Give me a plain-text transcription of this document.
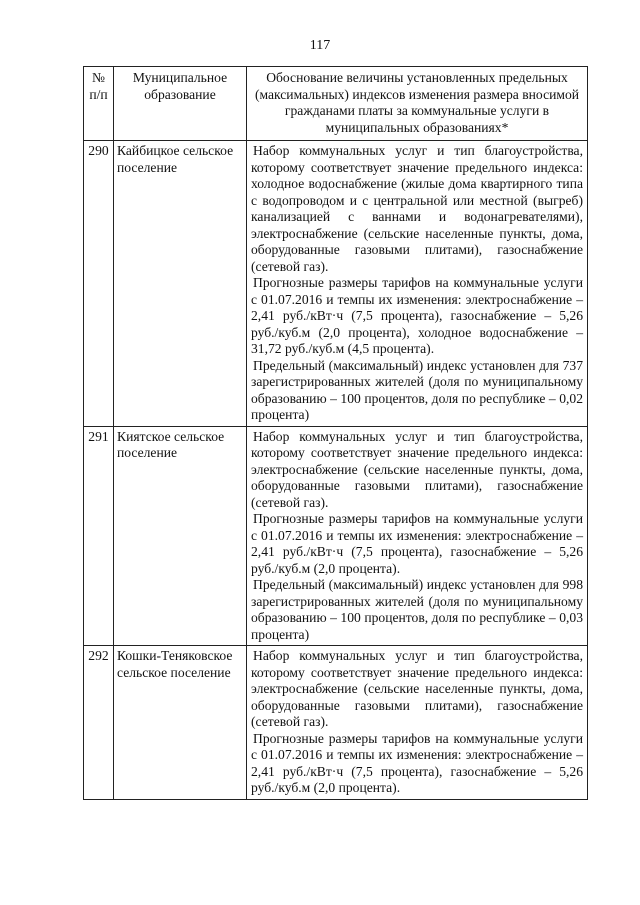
117
№ п/п	Муниципальное образование	Обоснование величины установленных предельных (максимальных) индексов изменения размера вносимой гражданами платы за коммунальные услуги в муниципальных образованиях*
290	Кайбицкое сельское поселение	Набор коммунальных услуг и тип благоустройства, которому соответствует значение предельного индекса: холодное водоснабжение (жилые дома квартирного типа с водопроводом и с центральной или местной (выгреб) канализацией с ваннами и водонагревателями), электроснабжение (сельские населенные пункты, дома, оборудованные газовыми плитами), газоснабжение (сетевой газ).

Прогнозные размеры тарифов на коммунальные услуги с 01.07.2016 и темпы их изменения: электроснабжение – 2,41 руб./кВт·ч (7,5 процента), газоснабжение – 5,26 руб./куб.м (2,0 процента), холодное водоснабжение – 31,72 руб./куб.м (4,5 процента).

Предельный (максимальный) индекс установлен для 737 зарегистрированных жителей (доля по муниципальному образованию – 100 процентов, доля по республике – 0,02 процента)

291	Киятское сельское поселение	Набор коммунальных услуг и тип благоустройства, которому соответствует значение предельного индекса: электроснабжение (сельские населенные пункты, дома, оборудованные газовыми плитами), газоснабжение (сетевой газ).

Прогнозные размеры тарифов на коммунальные услуги с 01.07.2016 и темпы их изменения: электроснабжение – 2,41 руб./кВт·ч (7,5 процента), газоснабжение – 5,26 руб./куб.м (2,0 процента).

Предельный (максимальный) индекс установлен для 998 зарегистрированных жителей (доля по муниципальному образованию – 100 процентов, доля по республике – 0,03 процента)

292	Кошки-Теняковское сельское поселение	Набор коммунальных услуг и тип благоустройства, которому соответствует значение предельного индекса: электроснабжение (сельские населенные пункты, дома, оборудованные газовыми плитами), газоснабжение (сетевой газ).

Прогнозные размеры тарифов на коммунальные услуги с 01.07.2016 и темпы их изменения: электроснабжение – 2,41 руб./кВт·ч (7,5 процента), газоснабжение – 5,26 руб./куб.м (2,0 процента).
